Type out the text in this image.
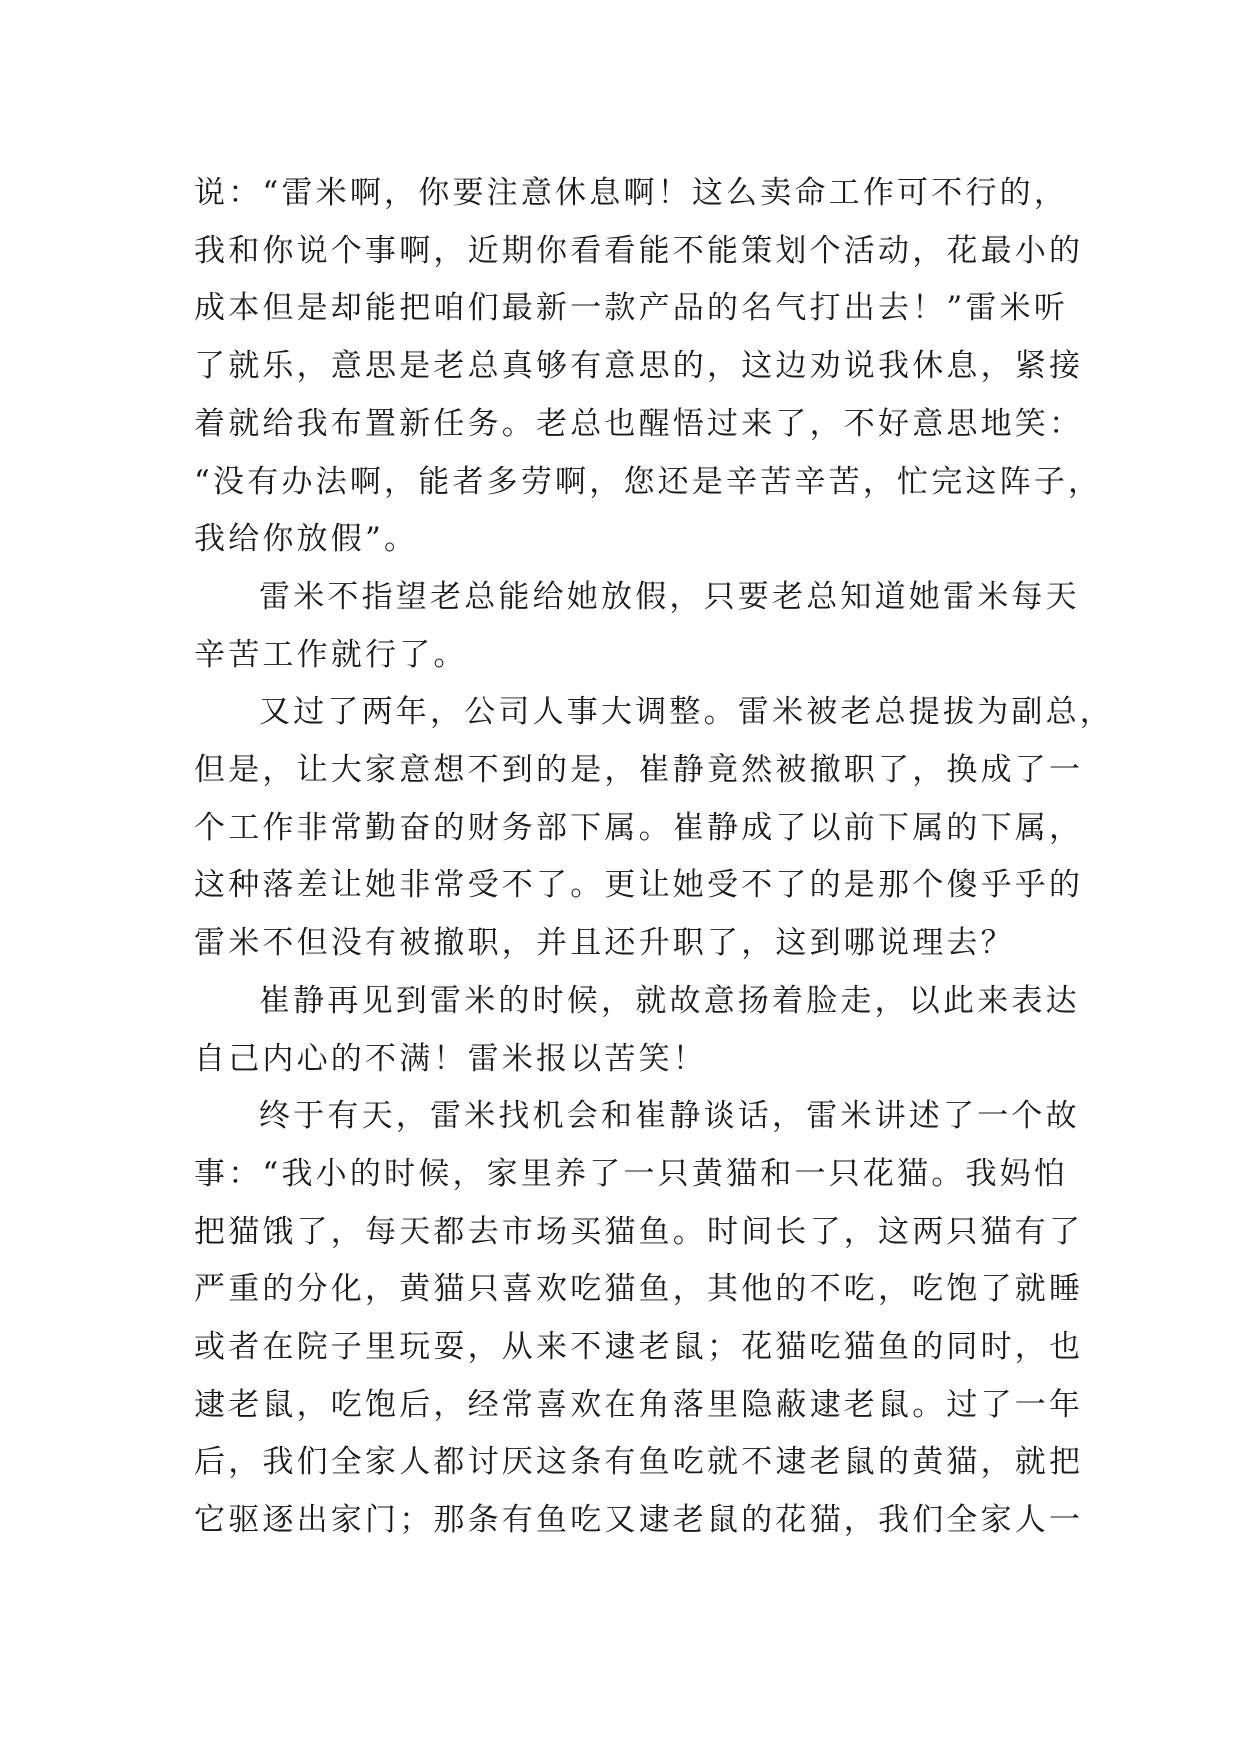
说：“雷米啊，你要注意休息啊！这么卖命工作可不行的，
我和你说个事啊，近期你看看能不能策划个活动，花最小的
成本但是却能把咱们最新一款产品的名气打出去！”雷米听
了就乐，意思是老总真够有意思的，这边劝说我休息，紧接
着就给我布置新任务。老总也醒悟过来了，不好意思地笑：
“没有办法啊，能者多劳啊，您还是辛苦辛苦，忙完这阵子，
我给你放假”。
雷米不指望老总能给她放假，只要老总知道她雷米每天
辛苦工作就行了。
又过了两年，公司人事大调整。雷米被老总提拔为副总，
但是，让大家意想不到的是，崔静竟然被撤职了，换成了一
个工作非常勤奋的财务部下属。崔静成了以前下属的下属，
这种落差让她非常受不了。更让她受不了的是那个傻乎乎的
雷米不但没有被撤职，并且还升职了，这到哪说理去？
崔静再见到雷米的时候，就故意扬着脸走，以此来表达
自己内心的不满！雷米报以苦笑！
终于有天，雷米找机会和崔静谈话，雷米讲述了一个故
事：“我小的时候，家里养了一只黄猫和一只花猫。我妈怕
把猫饿了，每天都去市场买猫鱼。时间长了，这两只猫有了
严重的分化，黄猫只喜欢吃猫鱼，其他的不吃，吃饱了就睡
或者在院子里玩耍，从来不逮老鼠；花猫吃猫鱼的同时，也
逮老鼠，吃饱后，经常喜欢在角落里隐蔽逮老鼠。过了一年
后，我们全家人都讨厌这条有鱼吃就不逮老鼠的黄猫，就把
它驱逐出家门；那条有鱼吃又逮老鼠的花猫，我们全家人一
